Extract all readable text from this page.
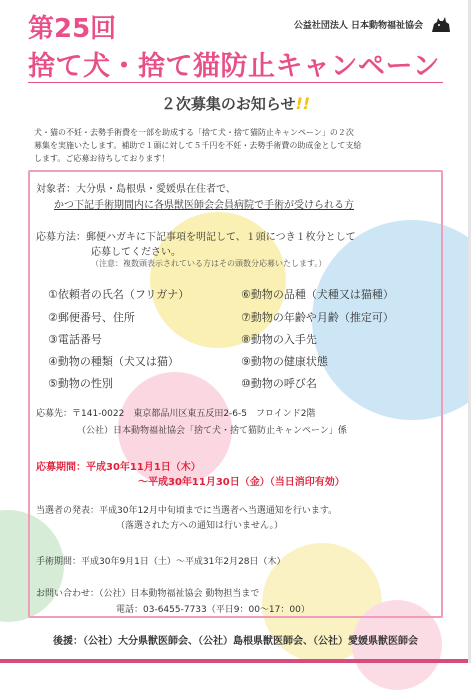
公益社団法人 日本動物福祉協会
第25回
捨て犬・捨て猫防止キャンペーン
２次募集のお知らせ!!
犬・猫の不妊・去勢手術費を一部を助成する「捨て犬・捨て猫防止キャンペーン」の２次
募集を実施いたします。補助で１頭に対して５千円を不妊・去勢手術費の助成金として支給
します。ご応募お待ちしております！
対象者：大分県・島根県・愛媛県在住者で、
かつ下記手術期間内に各県獣医師会会員病院で手術が受けられる方
応募方法：郵便ハガキに下記事項を明記して、１頭につき１枚分として
応募してください。
（注意：複数頭表示されている方はその頭数分応募いたします。）
①依頼者の氏名（フリガナ）
②郵便番号、住所
③電話番号
④動物の種類（犬又は猫）
⑤動物の性別
⑥動物の品種（犬種又は猫種）
⑦動物の年齢や月齢（推定可）
⑧動物の入手先
⑨動物の健康状態
⑩動物の呼び名
応募先：〒141-0022　東京都品川区東五反田2-6-5　フロインド2階
（公社）日本動物福祉協会「捨て犬・捨て猫防止キャンペーン」係
応募期間：平成30年11月1日（木）
～平成30年11月30日（金）（当日消印有効）
当選者の発表：平成30年12月中旬頃までに当選者へ当選通知を行います。
（落選された方への通知は行いません。）
手術期間：平成30年9月1日（土）～平成31年2月28日（木）
お問い合わせ：（公社）日本動物福祉協会 動物担当まで
電話：03-6455-7733（平日9：00～17：00）
後援：（公社）大分県獣医師会、（公社）島根県獣医師会、（公社）愛媛県獣医師会
